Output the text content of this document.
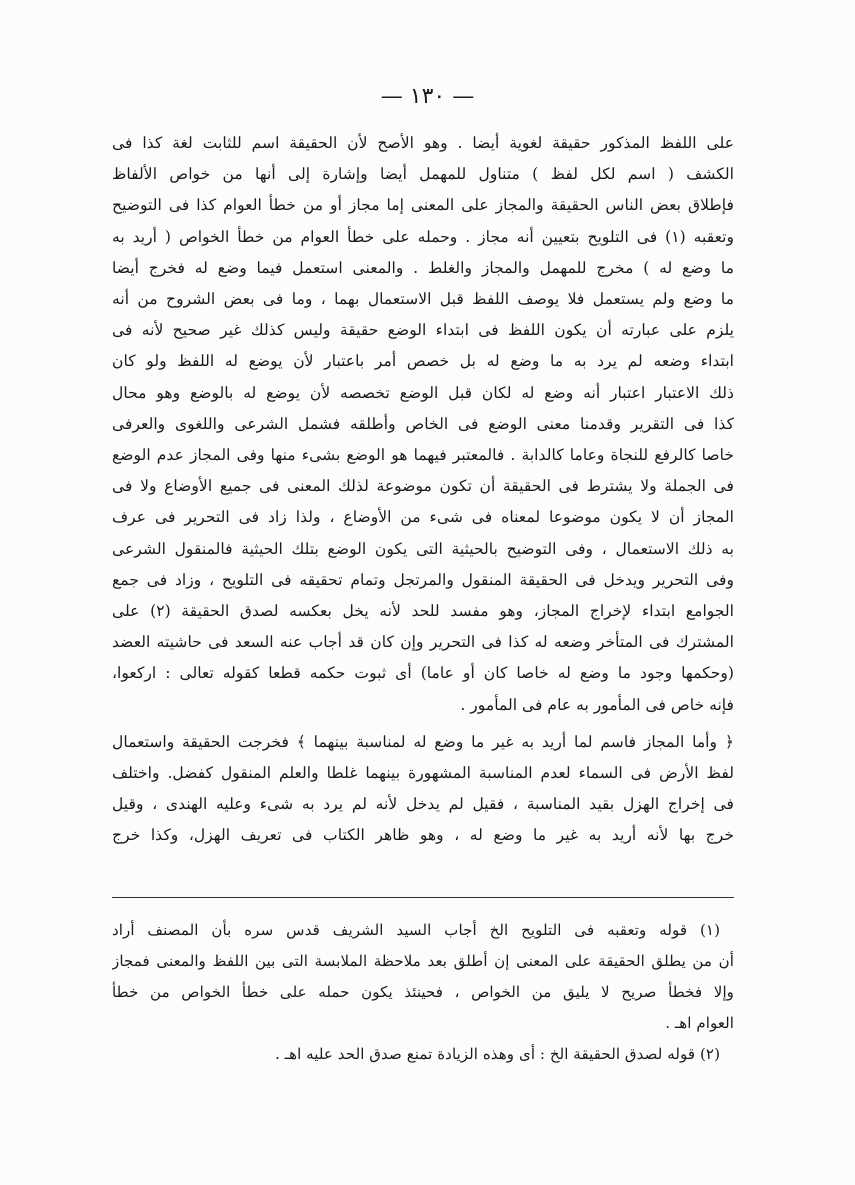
— ١٣٠ —
على اللفظ المذكور حقيقة لغوية أيضا . وهو الأصح لأن الحقيقة اسم للثابت لغة كذا فى
الكشف ( اسم لكل لفظ ) متناول للمهمل أيضا وإشارة إلى أنها من خواص الألفاظ
فإطلاق بعض الناس الحقيقة والمجاز على المعنى إما مجاز أو من خطأ العوام كذا فى التوضيح
وتعقبه (١) فى التلويح بتعيين أنه مجاز . وحمله على خطأ العوام من خطأ الخواص ( أريد به
ما وضع له ) مخرج للمهمل والمجاز والغلط . والمعنى استعمل فيما وضع له فخرج أيضا
ما وضع ولم يستعمل فلا يوصف اللفظ قبل الاستعمال بهما ، وما فى بعض الشروح من أنه
يلزم على عبارته أن يكون اللفظ فى ابتداء الوضع حقيقة وليس كذلك غير صحيح لأنه فى
ابتداء وضعه لم يرد به ما وضع له بل خصص أمر باعتبار لأن يوضع له اللفظ ولو كان
ذلك الاعتبار اعتبار أنه وضع له لكان قبل الوضع تخصصه لأن يوضع له بالوضع وهو محال
كذا فى التقرير وقدمنا معنى الوضع فى الخاص وأطلقه فشمل الشرعى واللغوى والعرفى
خاصا كالرفع للنجاة وعاما كالدابة . فالمعتبر فيهما هو الوضع بشىء منها وفى المجاز عدم الوضع
فى الجملة ولا يشترط فى الحقيقة أن تكون موضوعة لذلك المعنى فى جميع الأوضاع ولا فى
المجاز أن لا يكون موضوعا لمعناه فى شىء من الأوضاع ، ولذا زاد فى التحرير فى عرف
به ذلك الاستعمال ، وفى التوضيح بالحيثية التى يكون الوضع بتلك الحيثية فالمنقول الشرعى
وفى التحرير ويدخل فى الحقيقة المنقول والمرتجل وتمام تحقيقه فى التلويح ، وزاد فى جمع
الجوامع ابتداء لإخراج المجاز، وهو مفسد للحد لأنه يخل بعكسه لصدق الحقيقة (٢) على
المشترك فى المتأخر وضعه له كذا فى التحرير وإن كان قد أجاب عنه السعد فى حاشيته العضد
(وحكمها وجود ما وضع له خاصا كان أو عاما) أى ثبوت حكمه قطعا كقوله تعالى : اركعوا،
فإنه خاص فى المأمور به عام فى المأمور .
﴿ وأما المجاز فاسم لما أريد به غير ما وضع له لمناسبة بينهما ﴾ فخرجت الحقيقة واستعمال
لفظ الأرض فى السماء لعدم المناسبة المشهورة بينهما غلطا والعلم المنقول كفضل. واختلف
فى إخراج الهزل بقيد المناسبة ، فقيل لم يدخل لأنه لم يرد به شىء وعليه الهندى ، وقيل
خرج بها لأنه أريد به غير ما وضع له ، وهو ظاهر الكتاب فى تعريف الهزل، وكذا خرج
(١) قوله وتعقبه فى التلويح الخ أجاب السيد الشريف قدس سره بأن المصنف أراد
أن من يطلق الحقيقة على المعنى إن أطلق بعد ملاحظة الملابسة التى بين اللفظ والمعنى فمجاز
وإلا فخطأ صريح لا يليق من الخواص ، فحينئذ يكون حمله على خطأ الخواص من خطأ
العوام اهـ .
(٢) قوله لصدق الحقيقة الخ : أى وهذه الزيادة تمنع صدق الحد عليه اهـ .
